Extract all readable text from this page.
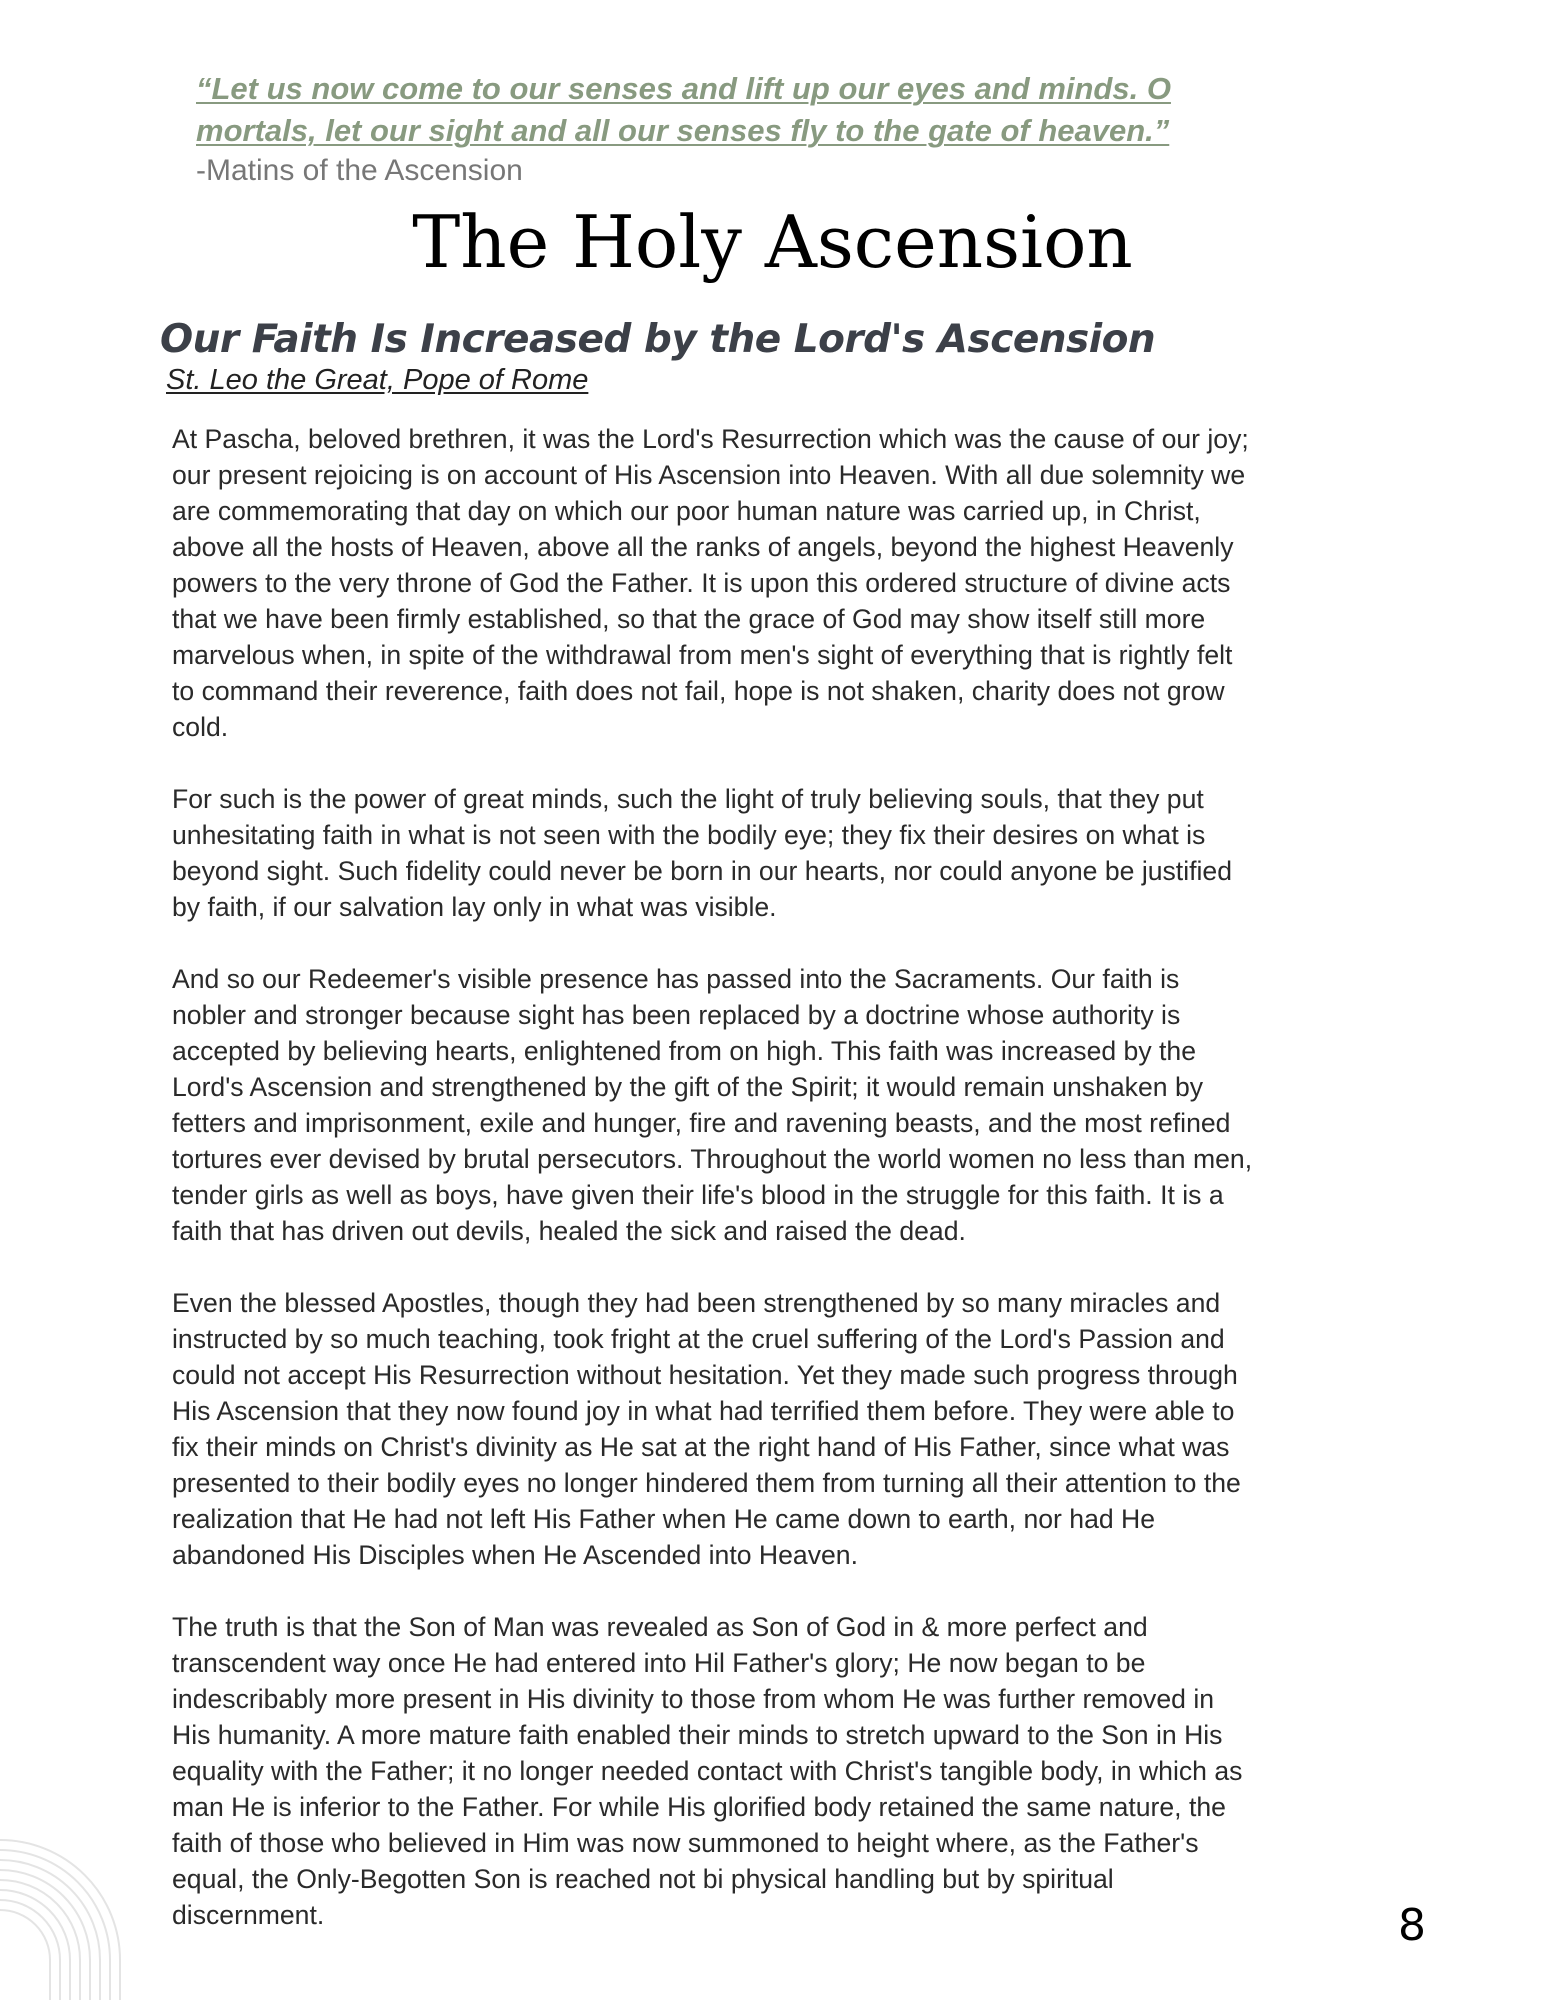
“Let us now come to our senses and lift up our eyes and minds. O
mortals, let our sight and all our senses fly to the gate of heaven.”

-Matins of the Ascension

The Holy Ascension
Our Faith Is Increased by the Lord's Ascension

St. Leo the Great, Pope of Rome

At Pascha, beloved brethren, it was the Lord's Resurrection which was the cause of our joy;
our present rejoicing is on account of His Ascension into Heaven. With all due solemnity we
are commemorating that day on which our poor human nature was carried up, in Christ,
above all the hosts of Heaven, above all the ranks of angels, beyond the highest Heavenly
powers to the very throne of God the Father. It is upon this ordered structure of divine acts
that we have been firmly established, so that the grace of God may show itself still more
marvelous when, in spite of the withdrawal from men's sight of everything that is rightly felt
to command their reverence, faith does not fail, hope is not shaken, charity does not grow
cold.

For such is the power of great minds, such the light of truly believing souls, that they put
unhesitating faith in what is not seen with the bodily eye; they fix their desires on what is
beyond sight. Such fidelity could never be born in our hearts, nor could anyone be justified
by faith, if our salvation lay only in what was visible.

And so our Redeemer's visible presence has passed into the Sacraments. Our faith is
nobler and stronger because sight has been replaced by a doctrine whose authority is
accepted by believing hearts, enlightened from on high. This faith was increased by the
Lord's Ascension and strengthened by the gift of the Spirit; it would remain unshaken by
fetters and imprisonment, exile and hunger, fire and ravening beasts, and the most refined
tortures ever devised by brutal persecutors. Throughout the world women no less than men,
tender girls as well as boys, have given their life's blood in the struggle for this faith. It is a
faith that has driven out devils, healed the sick and raised the dead.

Even the blessed Apostles, though they had been strengthened by so many miracles and
instructed by so much teaching, took fright at the cruel suffering of the Lord's Passion and
could not accept His Resurrection without hesitation. Yet they made such progress through
His Ascension that they now found joy in what had terrified them before. They were able to
fix their minds on Christ's divinity as He sat at the right hand of His Father, since what was
presented to their bodily eyes no longer hindered them from turning all their attention to the
realization that He had not left His Father when He came down to earth, nor had He
abandoned His Disciples when He Ascended into Heaven.

The truth is that the Son of Man was revealed as Son of God in & more perfect and
transcendent way once He had entered into Hil Father's glory; He now began to be
indescribably more present in His divinity to those from whom He was further removed in
His humanity. A more mature faith enabled their minds to stretch upward to the Son in His
equality with the Father; it no longer needed contact with Christ's tangible body, in which as
man He is inferior to the Father. For while His glorified body retained the same nature, the
faith of those who believed in Him was now summoned to height where, as the Father's
equal, the Only-Begotten Son is reached not bi physical handling but by spiritual
discernment.	8
